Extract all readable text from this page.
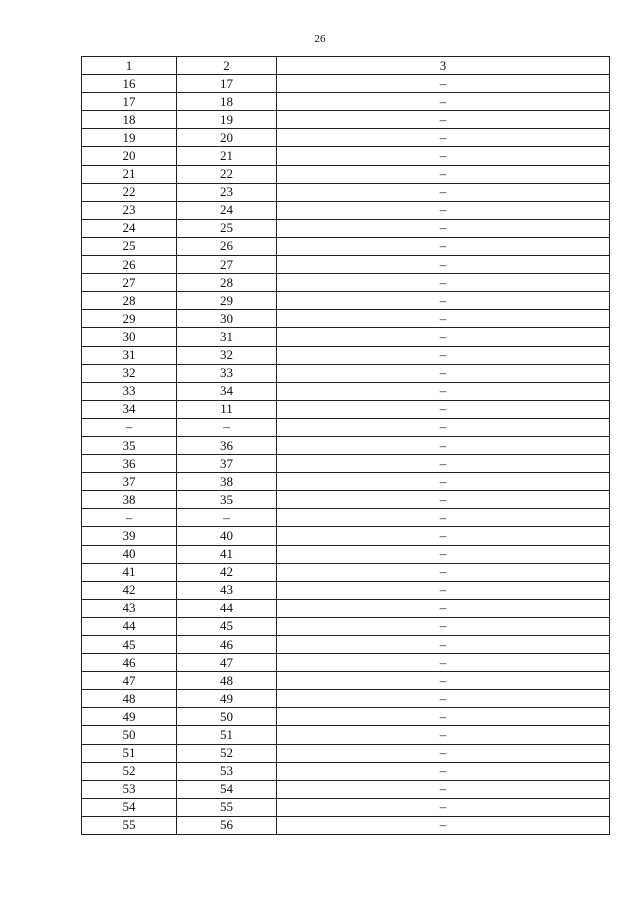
26
1	2	3
16	17	–
17	18	–
18	19	–
19	20	–
20	21	–
21	22	–
22	23	–
23	24	–
24	25	–
25	26	–
26	27	–
27	28	–
28	29	–
29	30	–
30	31	–
31	32	–
32	33	–
33	34	–
34	11	–
–	–	–
35	36	–
36	37	–
37	38	–
38	35	–
–	–	–
39	40	–
40	41	–
41	42	–
42	43	–
43	44	–
44	45	–
45	46	–
46	47	–
47	48	–
48	49	–
49	50	–
50	51	–
51	52	–
52	53	–
53	54	–
54	55	–
55	56	–
